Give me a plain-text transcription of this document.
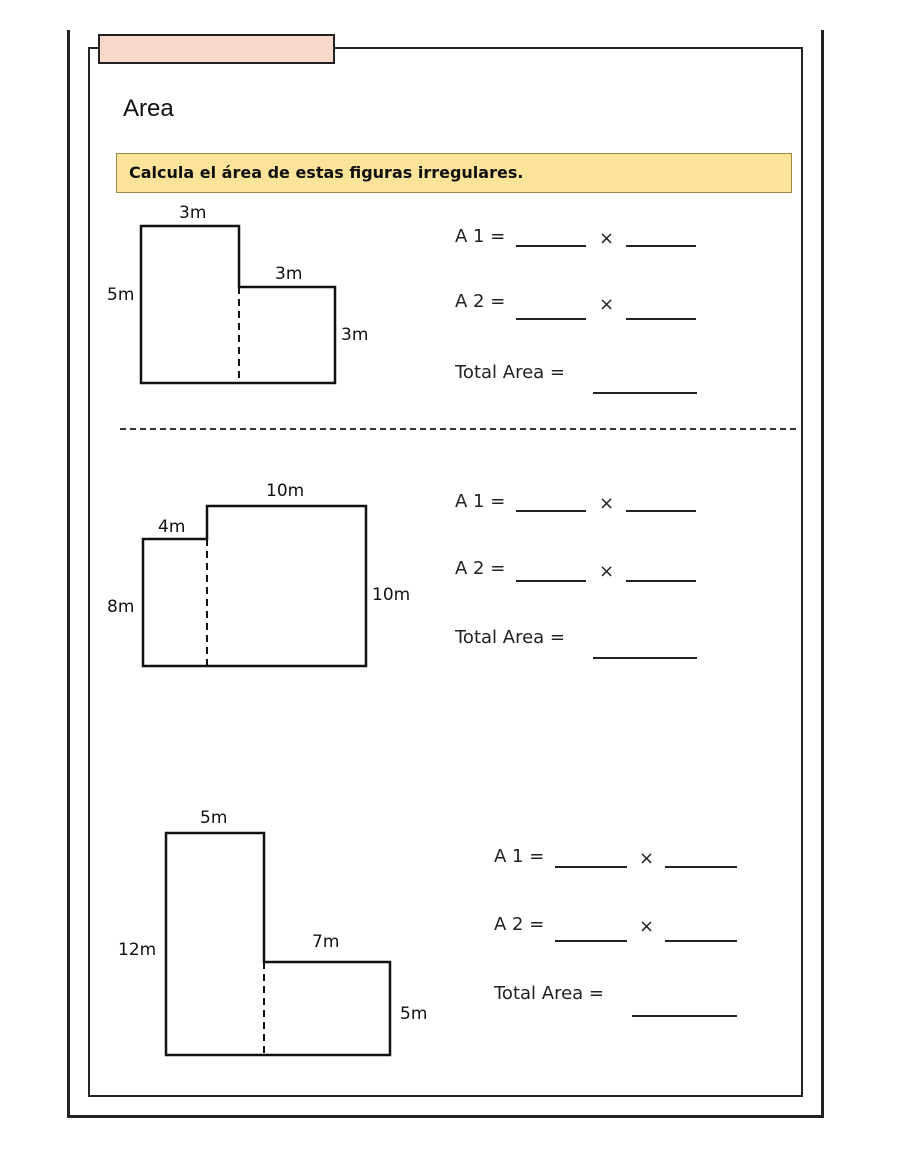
Area
Calcula el área de estas figuras irregulares.
3m
5m
3m
3m
A 1 =	×
A 2 =	×
Total Area =
10m
4m
8m
10m
A 1 =	×
A 2 =	×
Total Area =
5m
12m	7m
5m
A 1 =	×
A 2 =	×
Total Area =
